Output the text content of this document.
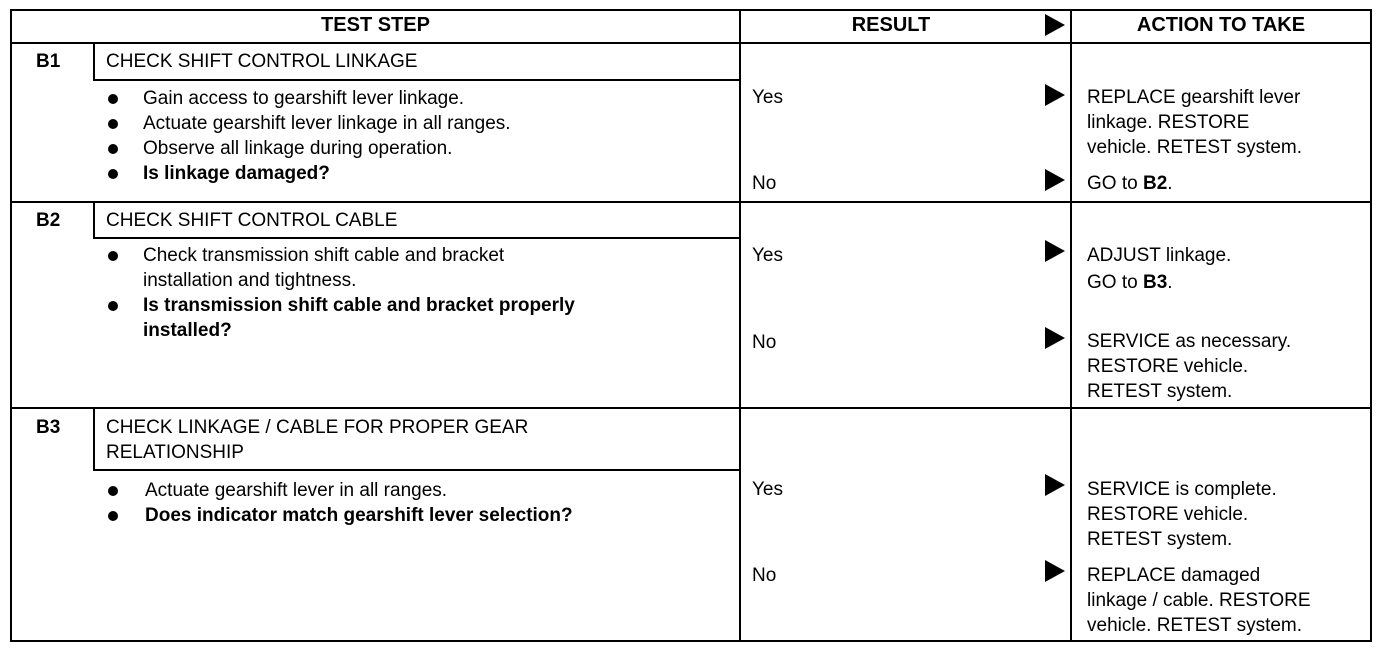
TEST STEP	RESULT	ACTION TO TAKE
B1 CHECK SHIFT CONTROL LINKAGE
Gain access to gearshift lever linkage.
Actuate gearshift lever linkage in all ranges.
Observe all linkage during operation.
Is linkage damaged?
Yes	REPLACE gearshift lever
linkage. RESTORE
vehicle. RETEST system.
No	GO to B2.
B2 CHECK SHIFT CONTROL CABLE
Check transmission shift cable and bracket
installation and tightness.
Is transmission shift cable and bracket properly
installed?
Yes	ADJUST linkage.
GO to B3.
No	SERVICE as necessary.
RESTORE vehicle.
RETEST system.
B3 CHECK LINKAGE / CABLE FOR PROPER GEAR
RELATIONSHIP
Actuate gearshift lever in all ranges.
Does indicator match gearshift lever selection?
Yes	SERVICE is complete.
RESTORE vehicle.
RETEST system.
No	REPLACE damaged
linkage / cable. RESTORE
vehicle. RETEST system.
